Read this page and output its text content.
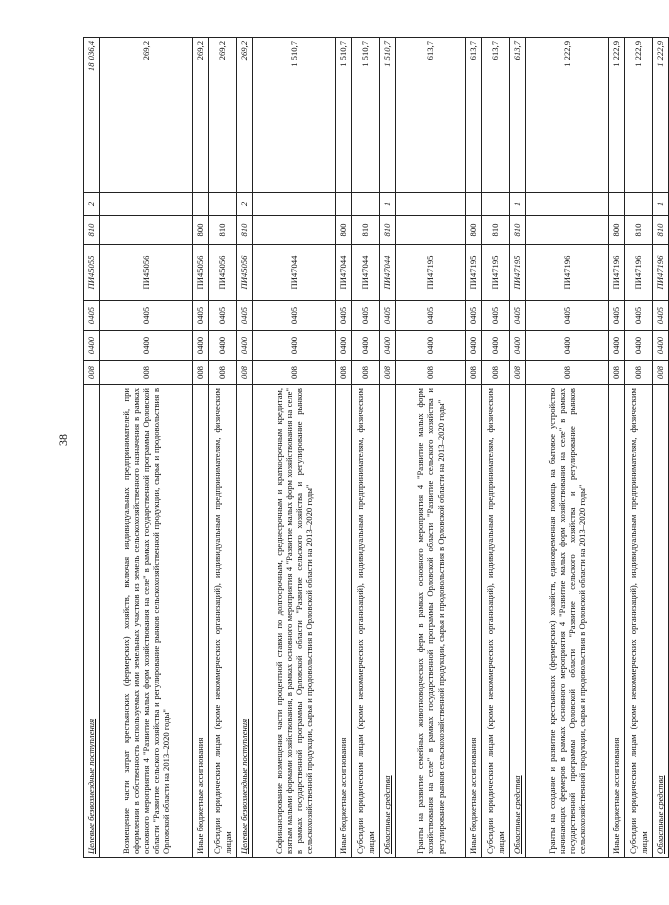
38
Целевые безвозмездные поступления	008	0400	0405	ПИ45055	810	2	18 036,4
Возмещение части затрат крестьянских (фермерских) хозяйств, включая индивидуальных предпринимателей, при оформлении в собственность используемых ими земельных участков из земель сельскохозяйственного назначения в рамках основного мероприятия 4 "Развитие малых форм хозяйствования на селе" в рамках государственной программы Орловской области "Развитие сельского хозяйства и регулирование рынков сельскохозяйственной продукции, сырья и продовольствия в Орловской области на 2013–2020 годы"	008	0400	0405	ПИ45056			269,2
Иные бюджетные ассигнования	008	0400	0405	ПИ45056	800		269,2
Субсидии юридическим лицам (кроме некоммерческих организаций), индивидуальным предпринимателям, физическим лицам	008	0400	0405	ПИ45056	810		269,2
Целевые безвозмездные поступления	008	0400	0405	ПИ45056	810	2	269,2
Софинансирование возмещения части процентной ставки по долгосрочным, среднесрочным и краткосрочным кредитам, взятым малыми формами хозяйствования, в рамках основного мероприятия 4 "Развитие малых форм хозяйствования на селе" в рамках государственной программы Орловской области "Развитие сельского хозяйства и регулирование рынков сельскохозяйственной продукции, сырья и продовольствия в Орловской области на 2013–2020 годы"	008	0400	0405	ПИ47044			1 510,7
Иные бюджетные ассигнования	008	0400	0405	ПИ47044	800		1 510,7
Субсидии юридическим лицам (кроме некоммерческих организаций), индивидуальным предпринимателям, физическим лицам	008	0400	0405	ПИ47044	810		1 510,7
Областные средства	008	0400	0405	ПИ47044	810	1	1 510,7
Гранты на развитие семейных животноводческих ферм в рамках основного мероприятия 4 "Развитие малых форм хозяйствования на селе" в рамках государственной программы Орловской области "Развитие сельского хозяйства и регулирование рынков сельскохозяйственной продукции, сырья и продовольствия в Орловской области на 2013–2020 годы"	008	0400	0405	ПИ47195			613,7
Иные бюджетные ассигнования	008	0400	0405	ПИ47195	800		613,7
Субсидии юридическим лицам (кроме некоммерческих организаций), индивидуальным предпринимателям, физическим лицам	008	0400	0405	ПИ47195	810		613,7
Областные средства	008	0400	0405	ПИ47195	810	1	613,7
Гранты на создание и развитие крестьянских (фермерских) хозяйств, единовременная помощь на бытовое устройство начинающих фермеров в рамках основного мероприятия 4 "Развитие малых форм хозяйствования на селе" в рамках государственной программы Орловской области "Развитие сельского хозяйства и регулирование рынков сельскохозяйственной продукции, сырья и продовольствия в Орловской области на 2013–2020 годы"	008	0400	0405	ПИ47196			1 222,9
Иные бюджетные ассигнования	008	0400	0405	ПИ47196	800		1 222,9
Субсидии юридическим лицам (кроме некоммерческих организаций), индивидуальным предпринимателям, физическим лицам	008	0400	0405	ПИ47196	810		1 222,9
Областные средства	008	0400	0405	ПИ47196	810	1	1 222,9
